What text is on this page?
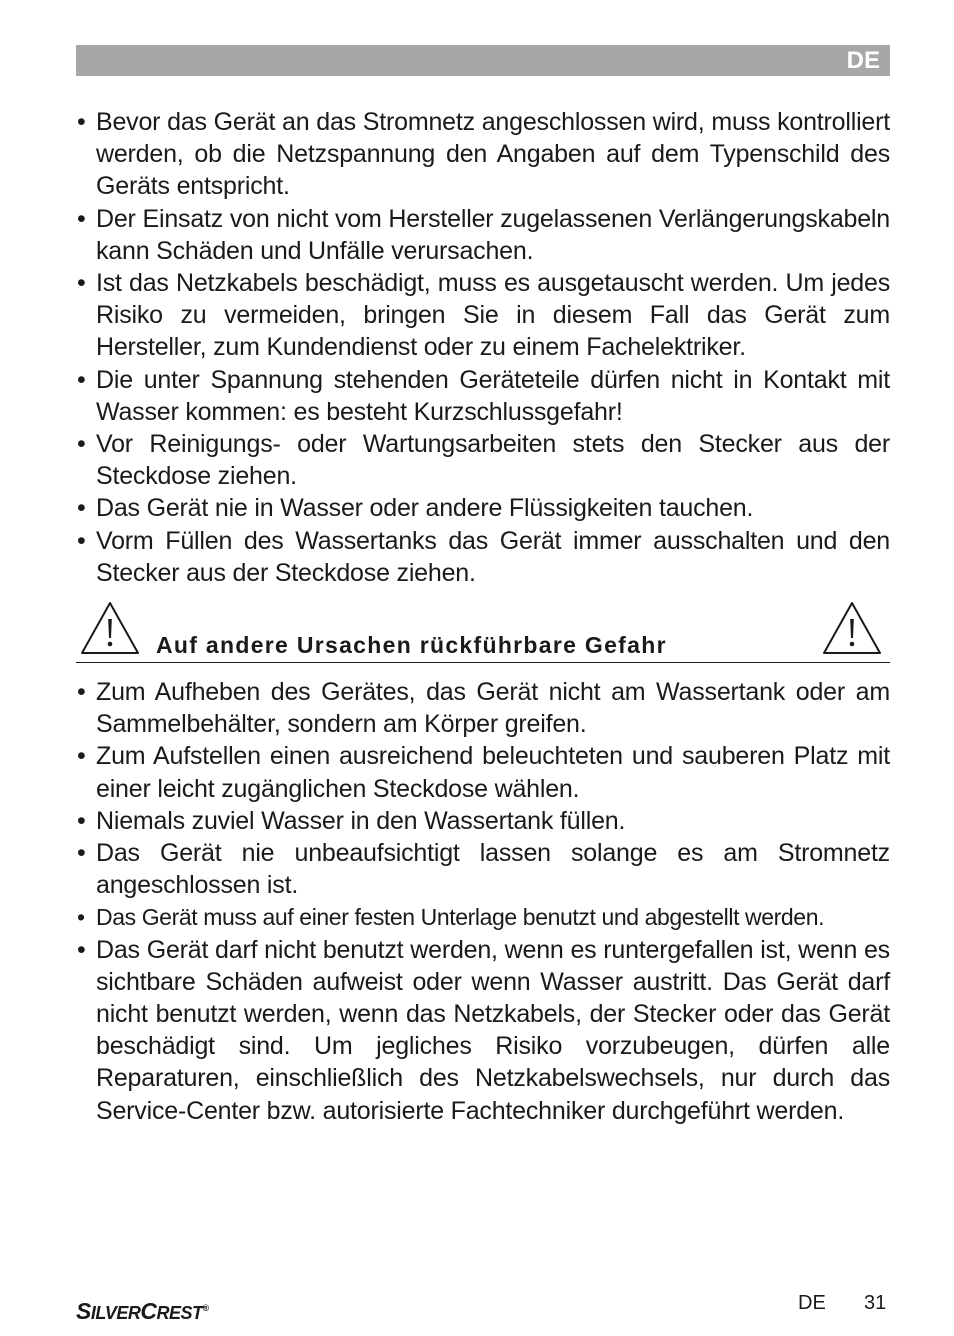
DE
• Bevor das Gerät an das Stromnetz angeschlossen wird, muss kontrolliert werden, ob die Netzspannung den Angaben auf dem Typenschild des Geräts entspricht.
• Der Einsatz von nicht vom Hersteller zugelassenen Verlängerungskabeln kann Schäden und Unfälle verursachen.
• Ist das Netzkabels beschädigt, muss es ausgetauscht werden. Um jedes Risiko zu vermeiden, bringen Sie in diesem Fall das Gerät zum Hersteller, zum Kundendienst oder zu einem Fachelektriker.
• Die unter Spannung stehenden Geräteteile dürfen nicht in Kontakt mit Wasser kommen: es besteht Kurzschlussgefahr!
• Vor Reinigungs- oder Wartungsarbeiten stets den Stecker aus der Steckdose ziehen.
• Das Gerät nie in Wasser oder andere Flüssigkeiten tauchen.
• Vorm Füllen des Wassertanks das Gerät immer ausschalten und den Stecker aus der Steckdose ziehen.
Auf andere Ursachen rückführbare Gefahr
• Zum Aufheben des Gerätes, das Gerät nicht am Wassertank oder am Sammelbehälter, sondern am Körper greifen.
• Zum Aufstellen einen ausreichend beleuchteten und sauberen Platz mit einer leicht zugänglichen Steckdose wählen.
• Niemals zuviel Wasser in den Wassertank füllen.
• Das Gerät nie unbeaufsichtigt lassen solange es am Stromnetz angeschlossen ist.
• Das Gerät muss auf einer festen Unterlage benutzt und abgestellt werden.
• Das Gerät darf nicht benutzt werden, wenn es runtergefallen ist, wenn es sichtbare Schäden aufweist oder wenn Wasser austritt. Das Gerät darf nicht benutzt werden, wenn das Netzkabels, der Stecker oder das Gerät beschädigt sind. Um jegliches Risiko vorzubeugen, dürfen alle Reparaturen, einschließlich des Netzkabelswechsels, nur durch das Service-Center bzw. autorisierte Fachtechniker durchgeführt werden.
SILVERCREST®	DE 31
